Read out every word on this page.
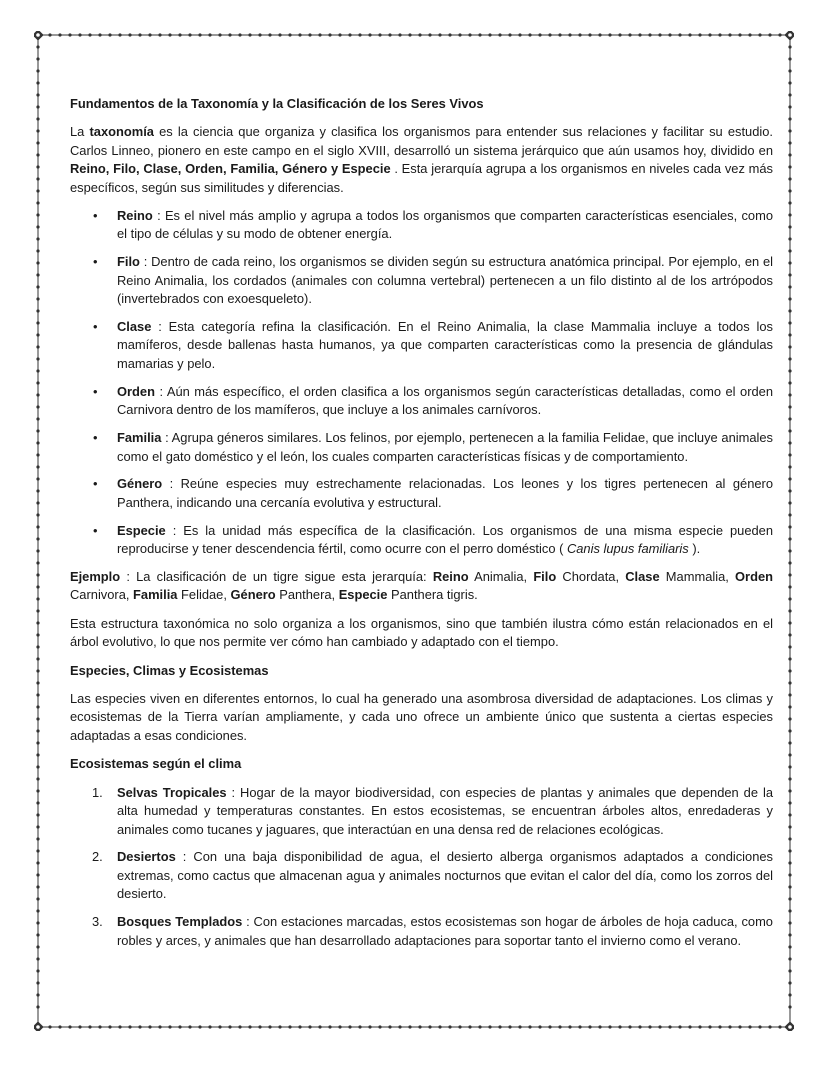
Fundamentos de la Taxonomía y la Clasificación de los Seres Vivos

La taxonomía es la ciencia que organiza y clasifica los organismos para entender sus relaciones y facilitar su estudio. Carlos Linneo, pionero en este campo en el siglo XVIII, desarrolló un sistema jerárquico que aún usamos hoy, dividido en Reino, Filo, Clase, Orden, Familia, Género y Especie . Esta jerarquía agrupa a los organismos en niveles cada vez más específicos, según sus similitudes y diferencias.

• Reino : Es el nivel más amplio y agrupa a todos los organismos que comparten características esenciales, como el tipo de células y su modo de obtener energía.
• Filo : Dentro de cada reino, los organismos se dividen según su estructura anatómica principal. Por ejemplo, en el Reino Animalia, los cordados (animales con columna vertebral) pertenecen a un filo distinto al de los artrópodos (invertebrados con exoesqueleto).
• Clase : Esta categoría refina la clasificación. En el Reino Animalia, la clase Mammalia incluye a todos los mamíferos, desde ballenas hasta humanos, ya que comparten características como la presencia de glándulas mamarias y pelo.
• Orden : Aún más específico, el orden clasifica a los organismos según características detalladas, como el orden Carnivora dentro de los mamíferos, que incluye a los animales carnívoros.
• Familia : Agrupa géneros similares. Los felinos, por ejemplo, pertenecen a la familia Felidae, que incluye animales como el gato doméstico y el león, los cuales comparten características físicas y de comportamiento.
• Género : Reúne especies muy estrechamente relacionadas. Los leones y los tigres pertenecen al género Panthera, indicando una cercanía evolutiva y estructural.
• Especie : Es la unidad más específica de la clasificación. Los organismos de una misma especie pueden reproducirse y tener descendencia fértil, como ocurre con el perro doméstico ( Canis lupus familiaris ).

Ejemplo : La clasificación de un tigre sigue esta jerarquía: Reino Animalia, Filo Chordata, Clase Mammalia, Orden Carnivora, Familia Felidae, Género Panthera, Especie Panthera tigris.

Esta estructura taxonómica no solo organiza a los organismos, sino que también ilustra cómo están relacionados en el árbol evolutivo, lo que nos permite ver cómo han cambiado y adaptado con el tiempo.

Especies, Climas y Ecosistemas

Las especies viven en diferentes entornos, lo cual ha generado una asombrosa diversidad de adaptaciones. Los climas y ecosistemas de la Tierra varían ampliamente, y cada uno ofrece un ambiente único que sustenta a ciertas especies adaptadas a esas condiciones.

Ecosistemas según el clima

1. Selvas Tropicales : Hogar de la mayor biodiversidad, con especies de plantas y animales que dependen de la alta humedad y temperaturas constantes. En estos ecosistemas, se encuentran árboles altos, enredaderas y animales como tucanes y jaguares, que interactúan en una densa red de relaciones ecológicas.
2. Desiertos : Con una baja disponibilidad de agua, el desierto alberga organismos adaptados a condiciones extremas, como cactus que almacenan agua y animales nocturnos que evitan el calor del día, como los zorros del desierto.
3. Bosques Templados : Con estaciones marcadas, estos ecosistemas son hogar de árboles de hoja caduca, como robles y arces, y animales que han desarrollado adaptaciones para soportar tanto el invierno como el verano.
